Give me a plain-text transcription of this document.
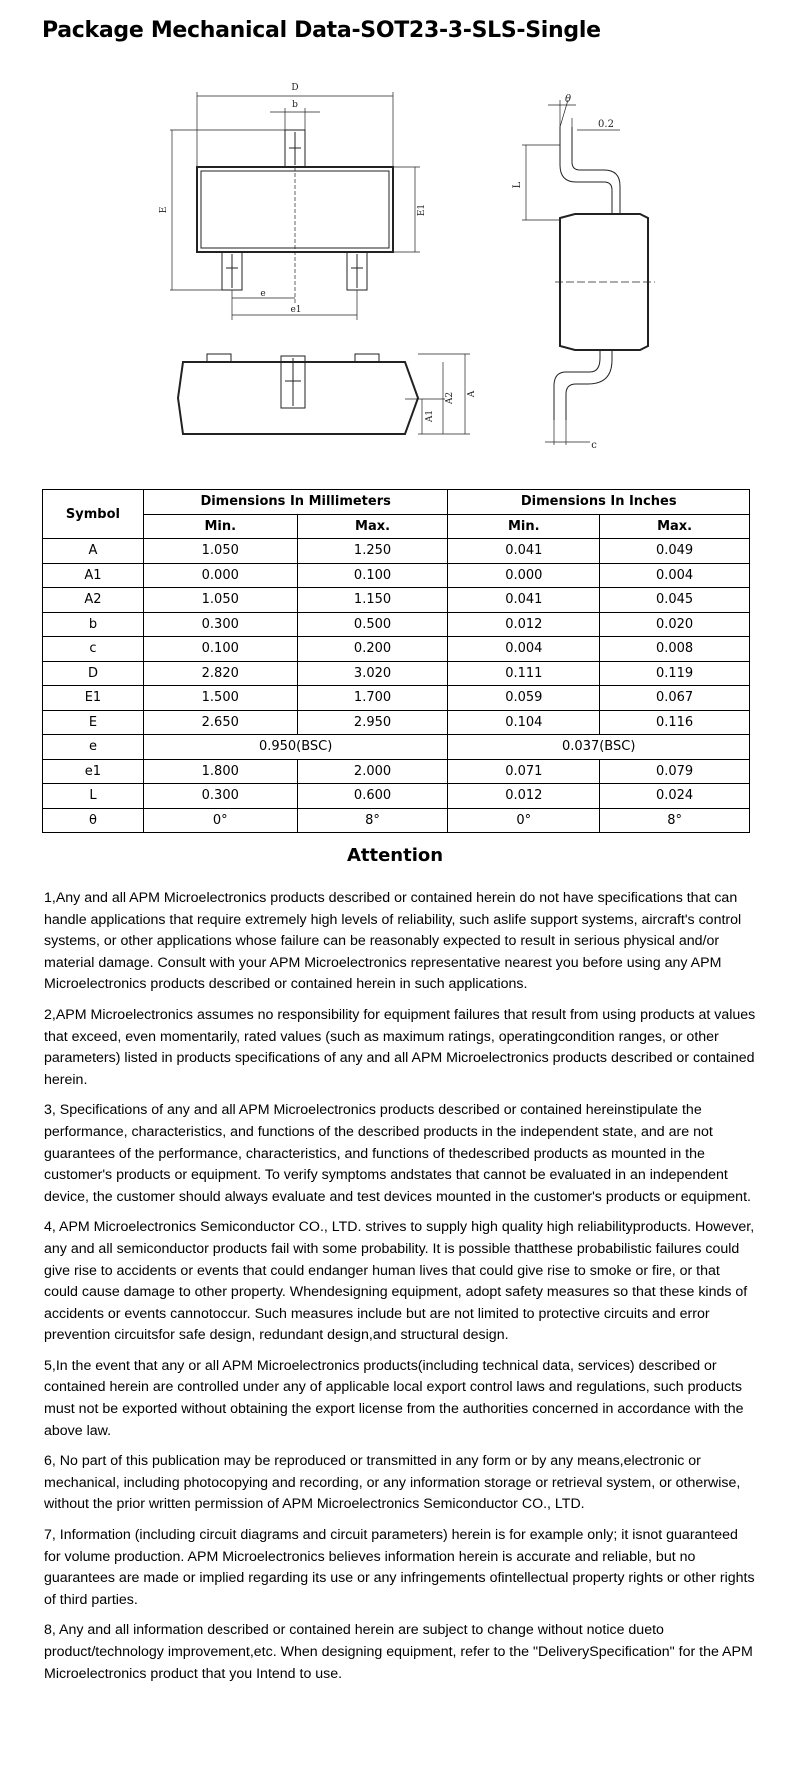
Package Mechanical Data-SOT23-3-SLS-Single
D
b
E	E1
e
e1
A1
A2 A
θ
0.2
L
c
Symbol	Dimensions In Millimeters		Dimensions In Inches	
	Min.	Max.	Min.	Max.
A	1.050	1.250	0.041	0.049
A1	0.000	0.100	0.000	0.004
A2	1.050	1.150	0.041	0.045
b	0.300	0.500	0.012	0.020
c	0.100	0.200	0.004	0.008
D	2.820	3.020	0.111	0.119
E1	1.500	1.700	0.059	0.067
E	2.650	2.950	0.104	0.116
e	0.950(BSC)		0.037(BSC)	
e1	1.800	2.000	0.071	0.079
L	0.300	0.600	0.012	0.024
θ	0°	8°	0°	8°
Attention

1,Any and all APM Microelectronics products described or contained herein do not have specifications that can handle applications that require extremely high levels of reliability, such aslife support systems, aircraft's control systems, or other applications whose failure can be reasonably expected to result in serious physical and/or material damage. Consult with your APM Microelectronics representative nearest you before using any APM Microelectronics products described or contained herein in such applications.

2,APM Microelectronics assumes no responsibility for equipment failures that result from using products at values that exceed, even momentarily, rated values (such as maximum ratings, operatingcondition ranges, or other parameters) listed in products specifications of any and all APM Microelectronics products described or contained herein.

3, Specifications of any and all APM Microelectronics products described or contained hereinstipulate the performance, characteristics, and functions of the described products in the independent state, and are not guarantees of the performance, characteristics, and functions of thedescribed products as mounted in the customer's products or equipment. To verify symptoms andstates that cannot be evaluated in an independent device, the customer should always evaluate and test devices mounted in the customer's products or equipment.

4, APM Microelectronics Semiconductor CO., LTD. strives to supply high quality high reliabilityproducts. However, any and all semiconductor products fail with some probability. It is possible thatthese probabilistic failures could give rise to accidents or events that could endanger human lives that could give rise to smoke or fire, or that could cause damage to other property. Whendesigning equipment, adopt safety measures so that these kinds of accidents or events cannotoccur. Such measures include but are not limited to protective circuits and error prevention circuitsfor safe design, redundant design,and structural design.

5,In the event that any or all APM Microelectronics products(including technical data, services) described or contained herein are controlled under any of applicable local export control laws and regulations, such products must not be exported without obtaining the export license from the authorities concerned in accordance with the above law.

6, No part of this publication may be reproduced or transmitted in any form or by any means,electronic or mechanical, including photocopying and recording, or any information storage or retrieval system, or otherwise, without the prior written permission of APM Microelectronics Semiconductor CO., LTD.

7, Information (including circuit diagrams and circuit parameters) herein is for example only; it isnot guaranteed for volume production. APM Microelectronics believes information herein is accurate and reliable, but no guarantees are made or implied regarding its use or any infringements ofintellectual property rights or other rights of third parties.

8, Any and all information described or contained herein are subject to change without notice dueto product/technology improvement,etc. When designing equipment, refer to the "DeliverySpecification" for the APM Microelectronics product that you Intend to use.
